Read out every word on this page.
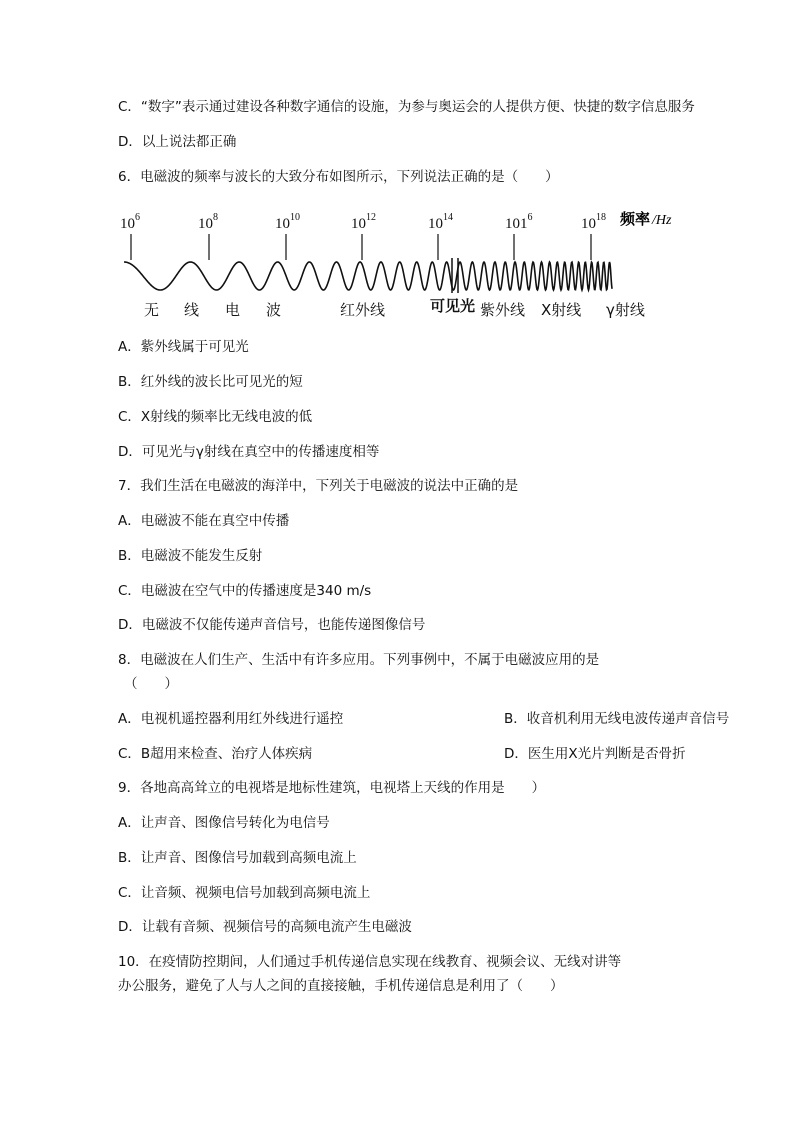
C．“数字”表示通过建设各种数字通信的设施，为参与奥运会的人提供方便、快捷的数字信息服务
D．以上说法都正确
6．电磁波的频率与波长的大致分布如图所示，下列说法正确的是（　　）
$10^6$	$10^8$	$10^{10}$	$10^{12}$	$10^{14}$	$101^6$	$10^{18}$ 频率 /Hz
无 线 电 波	红外线	可见光 紫外线 X射线 γ射线
A．紫外线属于可见光
B．红外线的波长比可见光的短
C．X射线的频率比无线电波的低
D．可见光与γ射线在真空中的传播速度相等
7．我们生活在电磁波的海洋中，下列关于电磁波的说法中正确的是
A．电磁波不能在真空中传播
B．电磁波不能发生反射
C．电磁波在空气中的传播速度是340 m/s
D．电磁波不仅能传递声音信号，也能传递图像信号
8．电磁波在人们生产、生活中有许多应用。下列事例中，不属于电磁波应用的是
（　　）
A．电视机遥控器利用红外线进行遥控	B．收音机利用无线电波传递声音信号
C．B超用来检查、治疗人体疾病	D．医生用X光片判断是否骨折
9．各地高高耸立的电视塔是地标性建筑，电视塔上天线的作用是　　）
A．让声音、图像信号转化为电信号
B．让声音、图像信号加载到高频电流上
C．让音频、视频电信号加载到高频电流上
D．让载有音频、视频信号的高频电流产生电磁波
10．在疫情防控期间，人们通过手机传递信息实现在线教育、视频会议、无线对讲等
办公服务，避免了人与人之间的直接接触，手机传递信息是利用了（　　）
